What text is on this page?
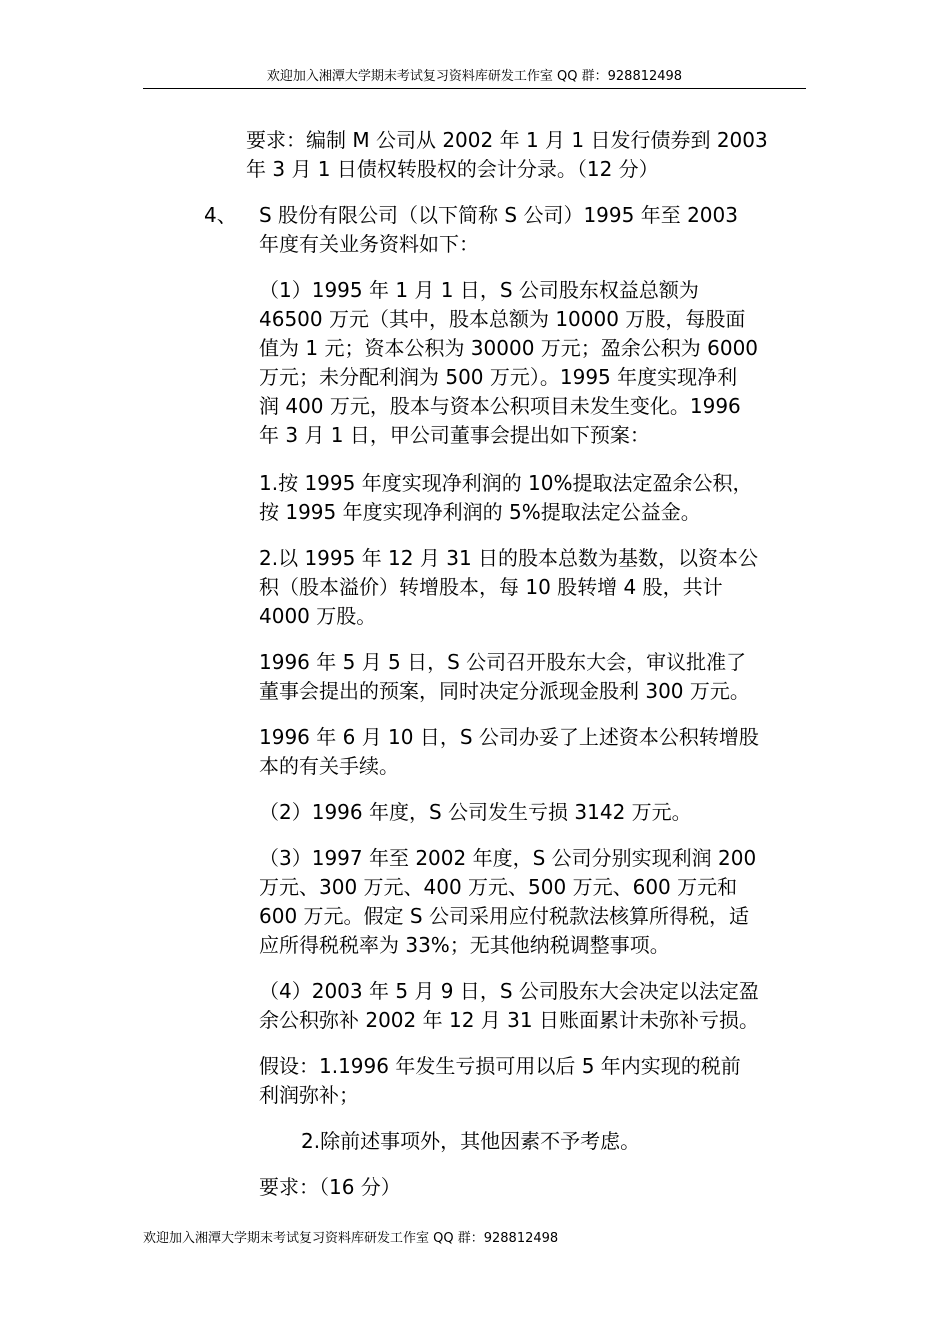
欢迎加入湘潭大学期末考试复习资料库研发工作室 QQ 群：928812498
要求：编制 M 公司从 2002 年 1 月 1 日发行债券到 2003
年 3 月 1 日债权转股权的会计分录。（12 分）
4、 S 股份有限公司（以下简称 S 公司）1995 年至 2003
年度有关业务资料如下：
（1）1995 年 1 月 1 日，S 公司股东权益总额为
46500 万元（其中，股本总额为 10000 万股，每股面
值为 1 元；资本公积为 30000 万元；盈余公积为 6000
万元；未分配利润为 500 万元）。1995 年度实现净利
润 400 万元，股本与资本公积项目未发生变化。1996
年 3 月 1 日，甲公司董事会提出如下预案：
1.按 1995 年度实现净利润的 10%提取法定盈余公积，
按 1995 年度实现净利润的 5%提取法定公益金。
2.以 1995 年 12 月 31 日的股本总数为基数，以资本公
积（股本溢价）转增股本，每 10 股转增 4 股，共计
4000 万股。
1996 年 5 月 5 日，S 公司召开股东大会，审议批准了
董事会提出的预案，同时决定分派现金股利 300 万元。
1996 年 6 月 10 日，S 公司办妥了上述资本公积转增股
本的有关手续。
（2）1996 年度，S 公司发生亏损 3142 万元。
（3）1997 年至 2002 年度，S 公司分别实现利润 200
万元、300 万元、400 万元、500 万元、600 万元和
600 万元。假定 S 公司采用应付税款法核算所得税，适
应所得税税率为 33%；无其他纳税调整事项。
（4）2003 年 5 月 9 日，S 公司股东大会决定以法定盈
余公积弥补 2002 年 12 月 31 日账面累计未弥补亏损。
假设：1.1996 年发生亏损可用以后 5 年内实现的税前
利润弥补；
2.除前述事项外，其他因素不予考虑。
要求：（16 分）
欢迎加入湘潭大学期末考试复习资料库研发工作室 QQ 群：928812498
